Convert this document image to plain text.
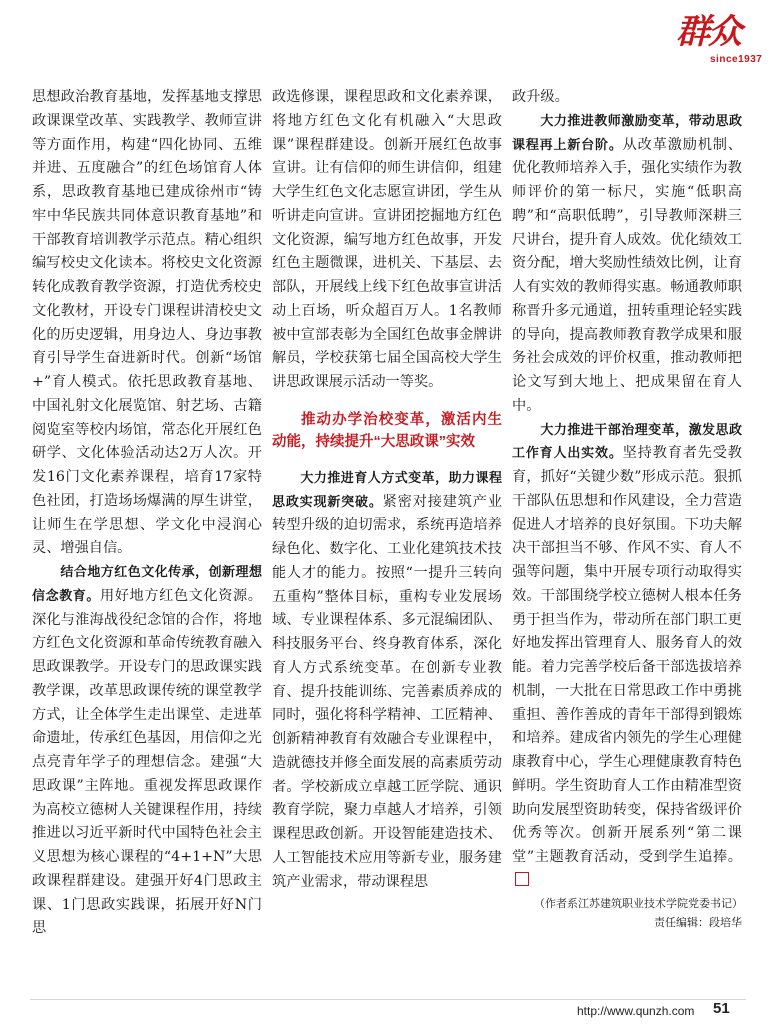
群众
since1937

思想政治教育基地，发挥基地支撑思政课课堂改革、实践教学、教师宣讲等方面作用，构建“四化协同、五维并进、五度融合”的红色场馆育人体系，思政教育基地已建成徐州市“铸牢中华民族共同体意识教育基地”和干部教育培训教学示范点。精心组织编写校史文化读本。将校史文化资源转化成教育教学资源，打造优秀校史文化教材，开设专门课程讲清校史文化的历史逻辑，用身边人、身边事教育引导学生奋进新时代。创新“场馆+”育人模式。依托思政教育基地、中国礼射文化展览馆、射艺场、古籍阅览室等校内场馆，常态化开展红色研学、文化体验活动达2万人次。开发16门文化素养课程，培育17家特色社团，打造场场爆满的厚生讲堂，让师生在学思想、学文化中浸润心灵、增强自信。

结合地方红色文化传承，创新理想信念教育。用好地方红色文化资源。深化与淮海战役纪念馆的合作，将地方红色文化资源和革命传统教育融入思政课教学。开设专门的思政课实践教学课，改革思政课传统的课堂教学方式，让全体学生走出课堂、走进革命遗址，传承红色基因，用信仰之光点亮青年学子的理想信念。建强“大思政课”主阵地。重视发挥思政课作为高校立德树人关键课程作用，持续推进以习近平新时代中国特色社会主义思想为核心课程的“4+1+N”大思政课程群建设。建强开好4门思政主课、1门思政实践课，拓展开好N门思

政选修课，课程思政和文化素养课，将地方红色文化有机融入“大思政课”课程群建设。创新开展红色故事宣讲。让有信仰的师生讲信仰，组建大学生红色文化志愿宣讲团，学生从听讲走向宣讲。宣讲团挖掘地方红色文化资源，编写地方红色故事，开发红色主题微课，进机关、下基层、去部队，开展线上线下红色故事宣讲活动上百场，听众超百万人。1名教师被中宣部表彰为全国红色故事金牌讲解员，学校获第七届全国高校大学生讲思政课展示活动一等奖。

推动办学治校变革，激活内生动能，持续提升“大思政课”实效

大力推进育人方式变革，助力课程思政实现新突破。紧密对接建筑产业转型升级的迫切需求，系统再造培养绿色化、数字化、工业化建筑技术技能人才的能力。按照“一提升三转向五重构”整体目标，重构专业发展场域、专业课程体系、多元混编团队、科技服务平台、终身教育体系，深化育人方式系统变革。在创新专业教育、提升技能训练、完善素质养成的同时，强化将科学精神、工匠精神、创新精神教育有效融合专业课程中，造就德技并修全面发展的高素质劳动者。学校新成立卓越工匠学院、通识教育学院，聚力卓越人才培养，引领课程思政创新。开设智能建造技术、人工智能技术应用等新专业，服务建筑产业需求，带动课程思

政升级。

大力推进教师激励变革，带动思政课程再上新台阶。从改革激励机制、优化教师培养入手，强化实绩作为教师评价的第一标尺，实施“低职高聘”和“高职低聘”，引导教师深耕三尺讲台，提升育人成效。优化绩效工资分配，增大奖励性绩效比例，让育人有实效的教师得实惠。畅通教师职称晋升多元通道，扭转重理论轻实践的导向，提高教师教育教学成果和服务社会成效的评价权重，推动教师把论文写到大地上、把成果留在育人中。

大力推进干部治理变革，激发思政工作育人出实效。坚持教育者先受教育，抓好“关键少数”形成示范。狠抓干部队伍思想和作风建设，全力营造促进人才培养的良好氛围。下功夫解决干部担当不够、作风不实、育人不强等问题，集中开展专项行动取得实效。干部围绕学校立德树人根本任务勇于担当作为，带动所在部门职工更好地发挥出管理育人、服务育人的效能。着力完善学校后备干部选拔培养机制，一大批在日常思政工作中勇挑重担、善作善成的青年干部得到锻炼和培养。建成省内领先的学生心理健康教育中心，学生心理健康教育特色鲜明。学生资助育人工作由精准型资助向发展型资助转变，保持省级评价优秀等次。创新开展系列“第二课堂”主题教育活动，受到学生追捧。

（作者系江苏建筑职业技术学院党委书记）
责任编辑：段培华

http://www.qunzh.com 51
